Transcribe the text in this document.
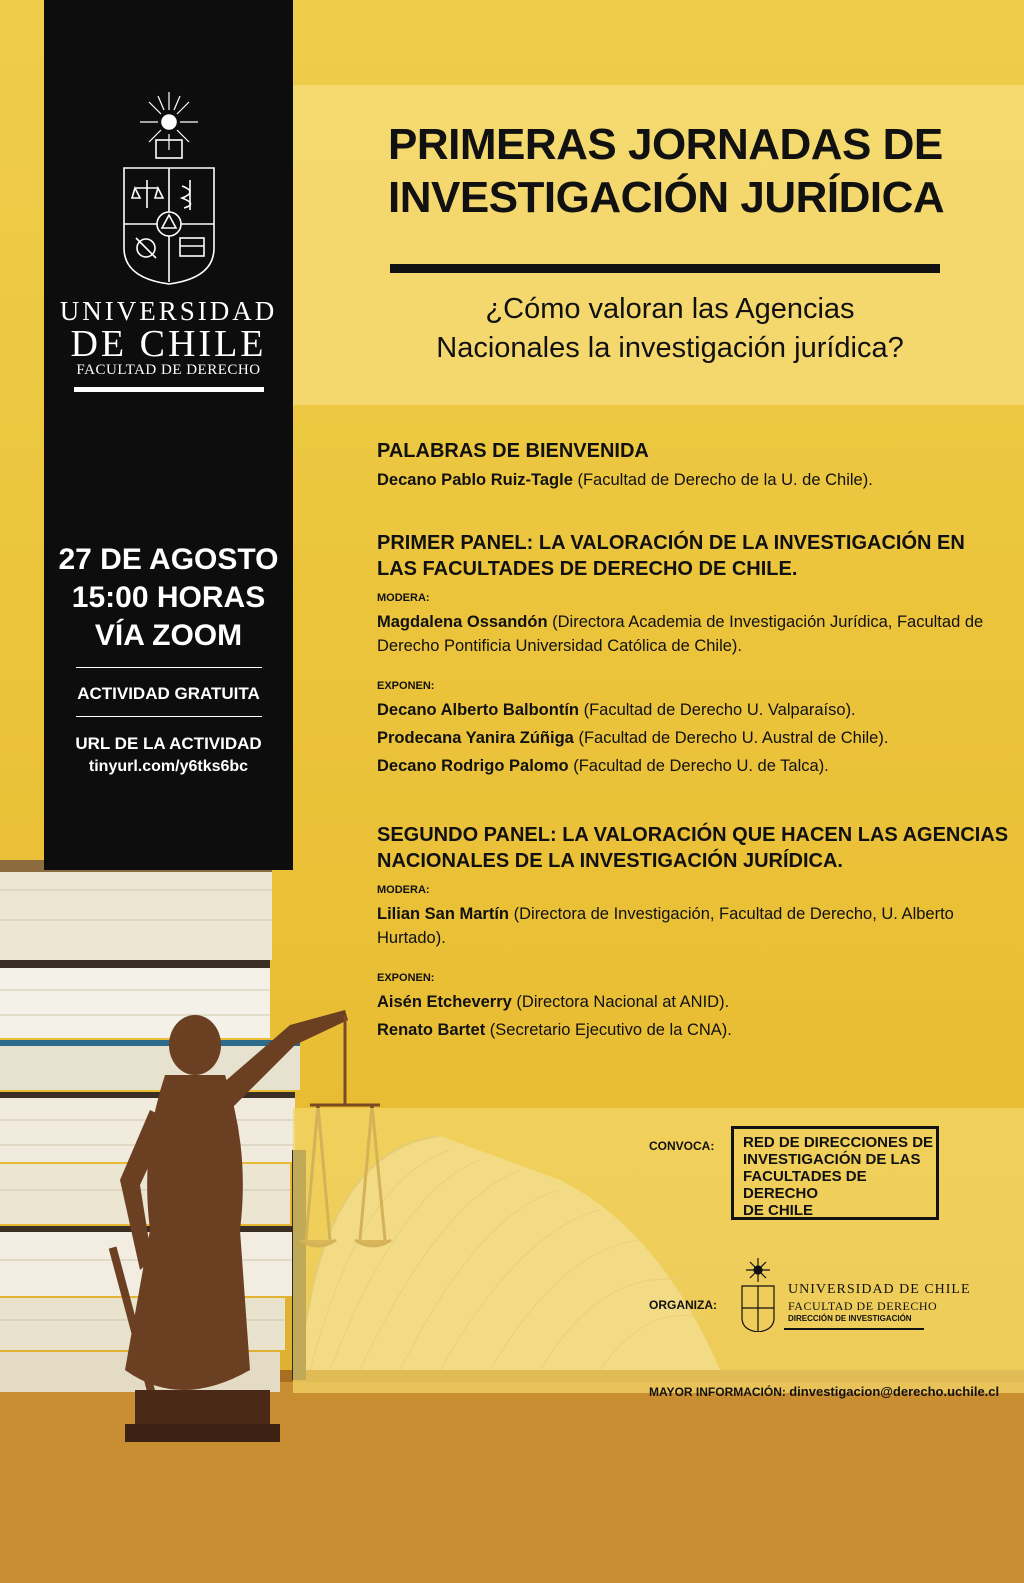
UNIVERSIDAD
DE CHILE
FACULTAD DE DERECHO
27 DE AGOSTO
15:00 HORAS
VÍA ZOOM
ACTIVIDAD GRATUITA
URL DE LA ACTIVIDAD
tinyurl.com/y6tks6bc
PRIMERAS JORNADAS DE
INVESTIGACIÓN JURÍDICA
¿Cómo valoran las Agencias
Nacionales la investigación jurídica?
PALABRAS DE BIENVENIDA
Decano Pablo Ruiz-Tagle (Facultad de Derecho de la U. de Chile).
PRIMER PANEL: LA VALORACIÓN DE LA INVESTIGACIÓN EN
LAS FACULTADES DE DERECHO DE CHILE.
MODERA:
Magdalena Ossandón (Directora Academia de Investigación Jurídica, Facultad de
Derecho Pontificia Universidad Católica de Chile).
EXPONEN:
Decano Alberto Balbontín (Facultad de Derecho U. Valparaíso).
Prodecana Yanira Zúñiga (Facultad de Derecho U. Austral de Chile).
Decano Rodrigo Palomo (Facultad de Derecho U. de Talca).
SEGUNDO PANEL: LA VALORACIÓN QUE HACEN LAS AGENCIAS
NACIONALES DE LA INVESTIGACIÓN JURÍDICA.
MODERA:
Lilian San Martín (Directora de Investigación, Facultad de Derecho, U. Alberto
Hurtado).
EXPONEN:
Aisén Etcheverry (Directora Nacional at ANID).
Renato Bartet (Secretario Ejecutivo de la CNA).
CONVOCA: RED DE DIRECCIONES DE
INVESTIGACIÓN DE LAS
FACULTADES DE DERECHO
DE CHILE
ORGANIZA:
UNIVERSIDAD DE CHILE
FACULTAD DE DERECHO
DIRECCIÓN DE INVESTIGACIÓN
MAYOR INFORMACIÓN: dinvestigacion@derecho.uchile.cl
